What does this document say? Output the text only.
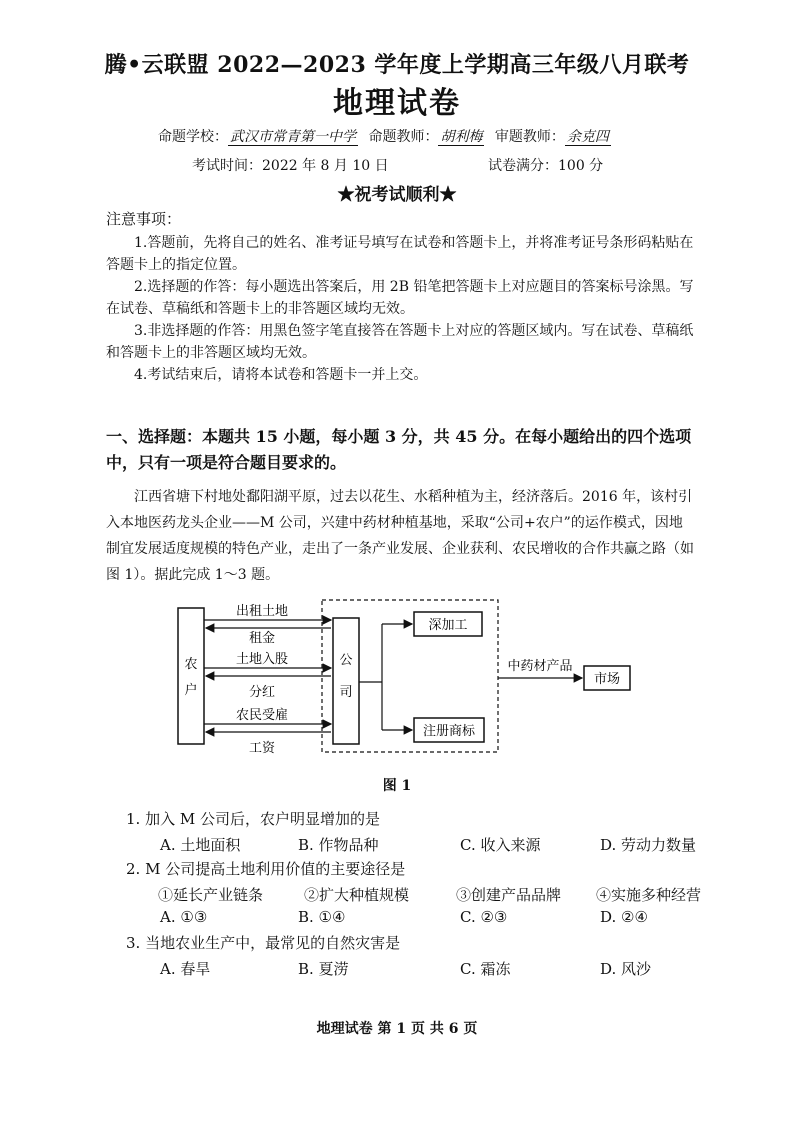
腾•云联盟 2022—2023 学年度上学期高三年级八月联考
地理试卷
命题学校： 武汉市常青第一中学 命题教师： 胡利梅 审题教师： 余克四
考试时间：2022 年 8 月 10 日	试卷满分：100 分
★祝考试顺利★
注意事项：
1.答题前，先将自己的姓名、准考证号填写在试卷和答题卡上，并将准考证号条形码粘贴在答题卡上的指定位置。
2.选择题的作答：每小题选出答案后，用 2B 铅笔把答题卡上对应题目的答案标号涂黑。写在试卷、草稿纸和答题卡上的非答题区域均无效。
3.非选择题的作答：用黑色签字笔直接答在答题卡上对应的答题区域内。写在试卷、草稿纸和答题卡上的非答题区域均无效。
4.考试结束后，请将本试卷和答题卡一并上交。
一、选择题：本题共 15 小题，每小题 3 分，共 45 分。在每小题给出的四个选项中，只有一项是符合题目要求的。
江西省塘下村地处鄱阳湖平原，过去以花生、水稻种植为主，经济落后。2016 年，该村引入本地医药龙头企业——M 公司，兴建中药材种植基地，采取“公司+农户”的运作模式，因地制宜发展适度规模的特色产业，走出了一条产业发展、企业获利、农民增收的合作共赢之路（如图 1）。据此完成 1～3 题。
农
户
公
司
出租土地
租金
土地入股
分红
农民受雇
工资
深加工
注册商标
中药材产品
市场
图 1
1. 加入 M 公司后，农户明显增加的是
A. 土地面积	B. 作物品种	C. 收入来源	D. 劳动力数量
2. M 公司提高土地利用价值的主要途径是
①延长产业链条	②扩大种植规模	③创建产品品牌 ④实施多种经营
A. ①③	B. ①④	C. ②③	D. ②④
3. 当地农业生产中，最常见的自然灾害是
A. 春旱	B. 夏涝	C. 霜冻	D. 风沙
地理试卷 第 1 页 共 6 页
